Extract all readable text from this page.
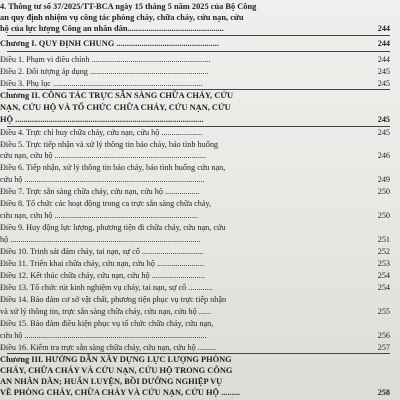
4. Thông tư số 37/2025/TT-BCA ngày 15 tháng 5 năm 2025 của Bộ Công
an quy định nhiệm vụ công tác phòng cháy, chữa cháy, cứu nạn, cứu
hộ của lực lượng Công an nhân dân..............................................	244
Chương I. QUY ĐỊNH CHUNG .................................................	244
Điều 1. Phạm vi điều chỉnh ..........................................................	244
Điều 2. Đối tượng áp dụng ..........................................................	245
Điều 3. Phụ lục .........................................................................	245
Chương II. CÔNG TÁC TRỰC SẴN SÀNG CHỮA CHÁY, CỨU
NẠN, CỨU HỘ VÀ TỔ CHỨC CHỮA CHÁY, CỨU NẠN, CỨU
HỘ ..........................................................................................	245
Điều 4. Trực chỉ huy chữa cháy, cứu nạn, cứu hộ ....................	245
Điều 5. Trực tiếp nhận và xử lý thông tin báo cháy, báo tình huống
cứu nạn, cứu hộ ..........................................................................	246
Điều 6. Tiếp nhận, xử lý thông tin báo cháy, báo tình huống cứu nạn,
cứu hộ ........................................................................................	249
Điều 7. Trực sẵn sàng chữa cháy, cứu nạn, cứu hộ .................	250
Điều 8. Tổ chức các hoạt động trong ca trực sẵn sàng chữa cháy,
cứu nạn, cứu hộ ......................................................................	250
Điều 9. Huy động lực lượng, phương tiện đi chữa cháy, cứu nạn, cứu
hộ .............................................................................................	251
Điều 10. Trinh sát đám cháy, tai nạn, sự cố ..............................	252
Điều 11. Triển khai chữa cháy, cứu nạn, cứu hộ .......................	253
Điều 12. Kết thúc chữa cháy, cứu nạn, cứu hộ ..........................	254
Điều 13. Tổ chức rút kinh nghiệm vụ cháy, tai nạn, sự cố ............	254
Điều 14. Bảo đảm cơ sở vật chất, phương tiện phục vụ trực tiếp nhận
và xử lý thông tin, trực sẵn sàng chữa cháy, cứu nạn, cứu hộ ......	255
Điều 15. Bảo đảm điều kiện phục vụ tổ chức chữa cháy, cứu nạn,
cứu hộ .........................................................................................	256
Điều 16. Kiểm tra trực sẵn sàng chữa cháy, cứu nạn, cứu hộ .........	257
Chương III. HƯỚNG DẪN XÂY DỰNG LỰC LƯỢNG PHÒNG
CHÁY, CHỮA CHÁY VÀ CỨU NẠN, CỨU HỘ TRONG CÔNG
AN NHÂN DÂN; HUẤN LUYỆN, BỒI DƯỠNG NGHIỆP VỤ
VỀ PHÒNG CHÁY, CHỮA CHÁY VÀ CỨU NẠN, CỨU HỘ .........	258
